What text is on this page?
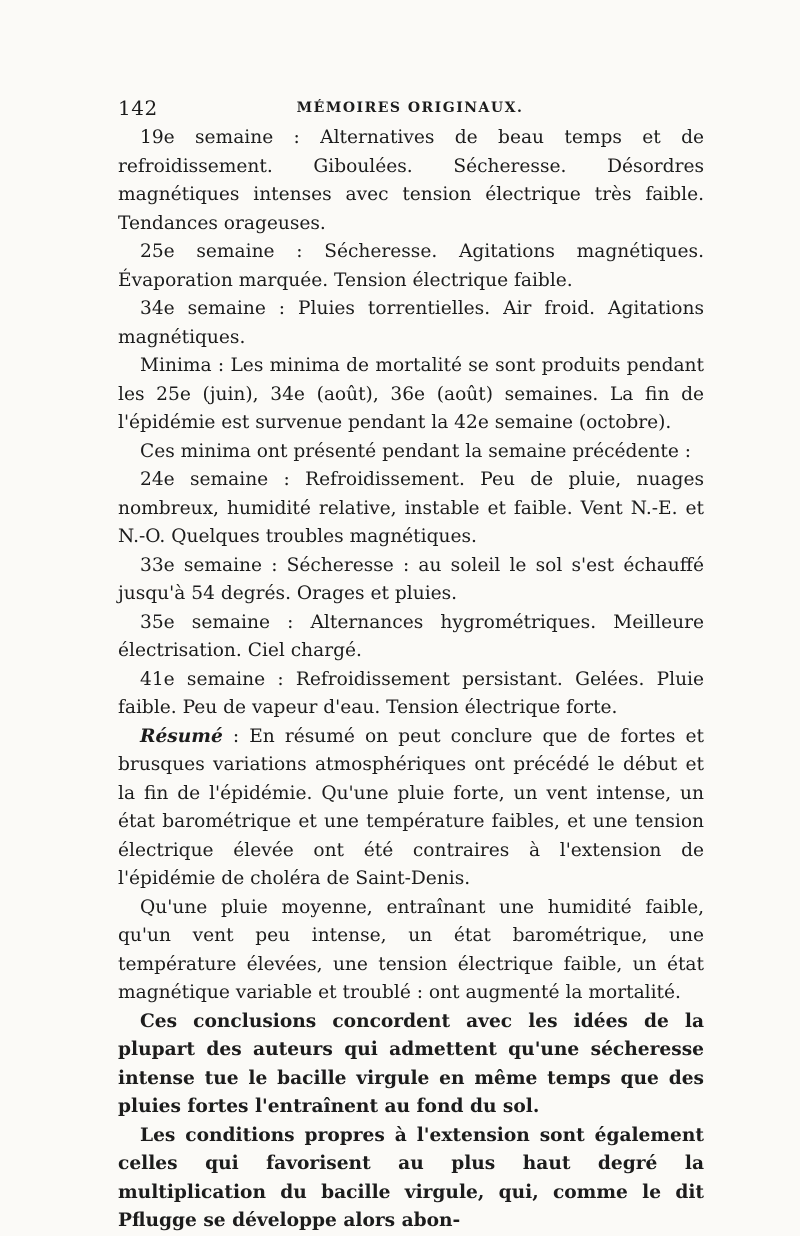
142	MÉMOIRES ORIGINAUX.

19e semaine : Alternatives de beau temps et de refroidissement. Giboulées. Sécheresse. Désordres magnétiques intenses avec tension électrique très faible. Tendances orageuses.

25e semaine : Sécheresse. Agitations magnétiques. Évaporation marquée. Tension électrique faible.

34e semaine : Pluies torrentielles. Air froid. Agitations magnétiques.

Minima : Les minima de mortalité se sont produits pendant les 25e (juin), 34e (août), 36e (août) semaines. La fin de l'épidémie est survenue pendant la 42e semaine (octobre).

Ces minima ont présenté pendant la semaine précédente :

24e semaine : Refroidissement. Peu de pluie, nuages nombreux, humidité relative, instable et faible. Vent N.-E. et N.-O. Quelques troubles magnétiques.

33e semaine : Sécheresse : au soleil le sol s'est échauffé jusqu'à 54 degrés. Orages et pluies.

35e semaine : Alternances hygrométriques. Meilleure électrisation. Ciel chargé.

41e semaine : Refroidissement persistant. Gelées. Pluie faible. Peu de vapeur d'eau. Tension électrique forte.

Résumé : En résumé on peut conclure que de fortes et brusques variations atmosphériques ont précédé le début et la fin de l'épidémie. Qu'une pluie forte, un vent intense, un état barométrique et une température faibles, et une tension électrique élevée ont été contraires à l'extension de l'épidémie de choléra de Saint-Denis.

Qu'une pluie moyenne, entraînant une humidité faible, qu'un vent peu intense, un état barométrique, une température élevées, une tension électrique faible, un état magnétique variable et troublé : ont augmenté la mortalité.

Ces conclusions concordent avec les idées de la plupart des auteurs qui admettent qu'une sécheresse intense tue le bacille virgule en même temps que des pluies fortes l'entraînent au fond du sol.

Les conditions propres à l'extension sont également celles qui favorisent au plus haut degré la multiplication du bacille virgule, qui, comme le dit Pflugge se développe alors abon-
